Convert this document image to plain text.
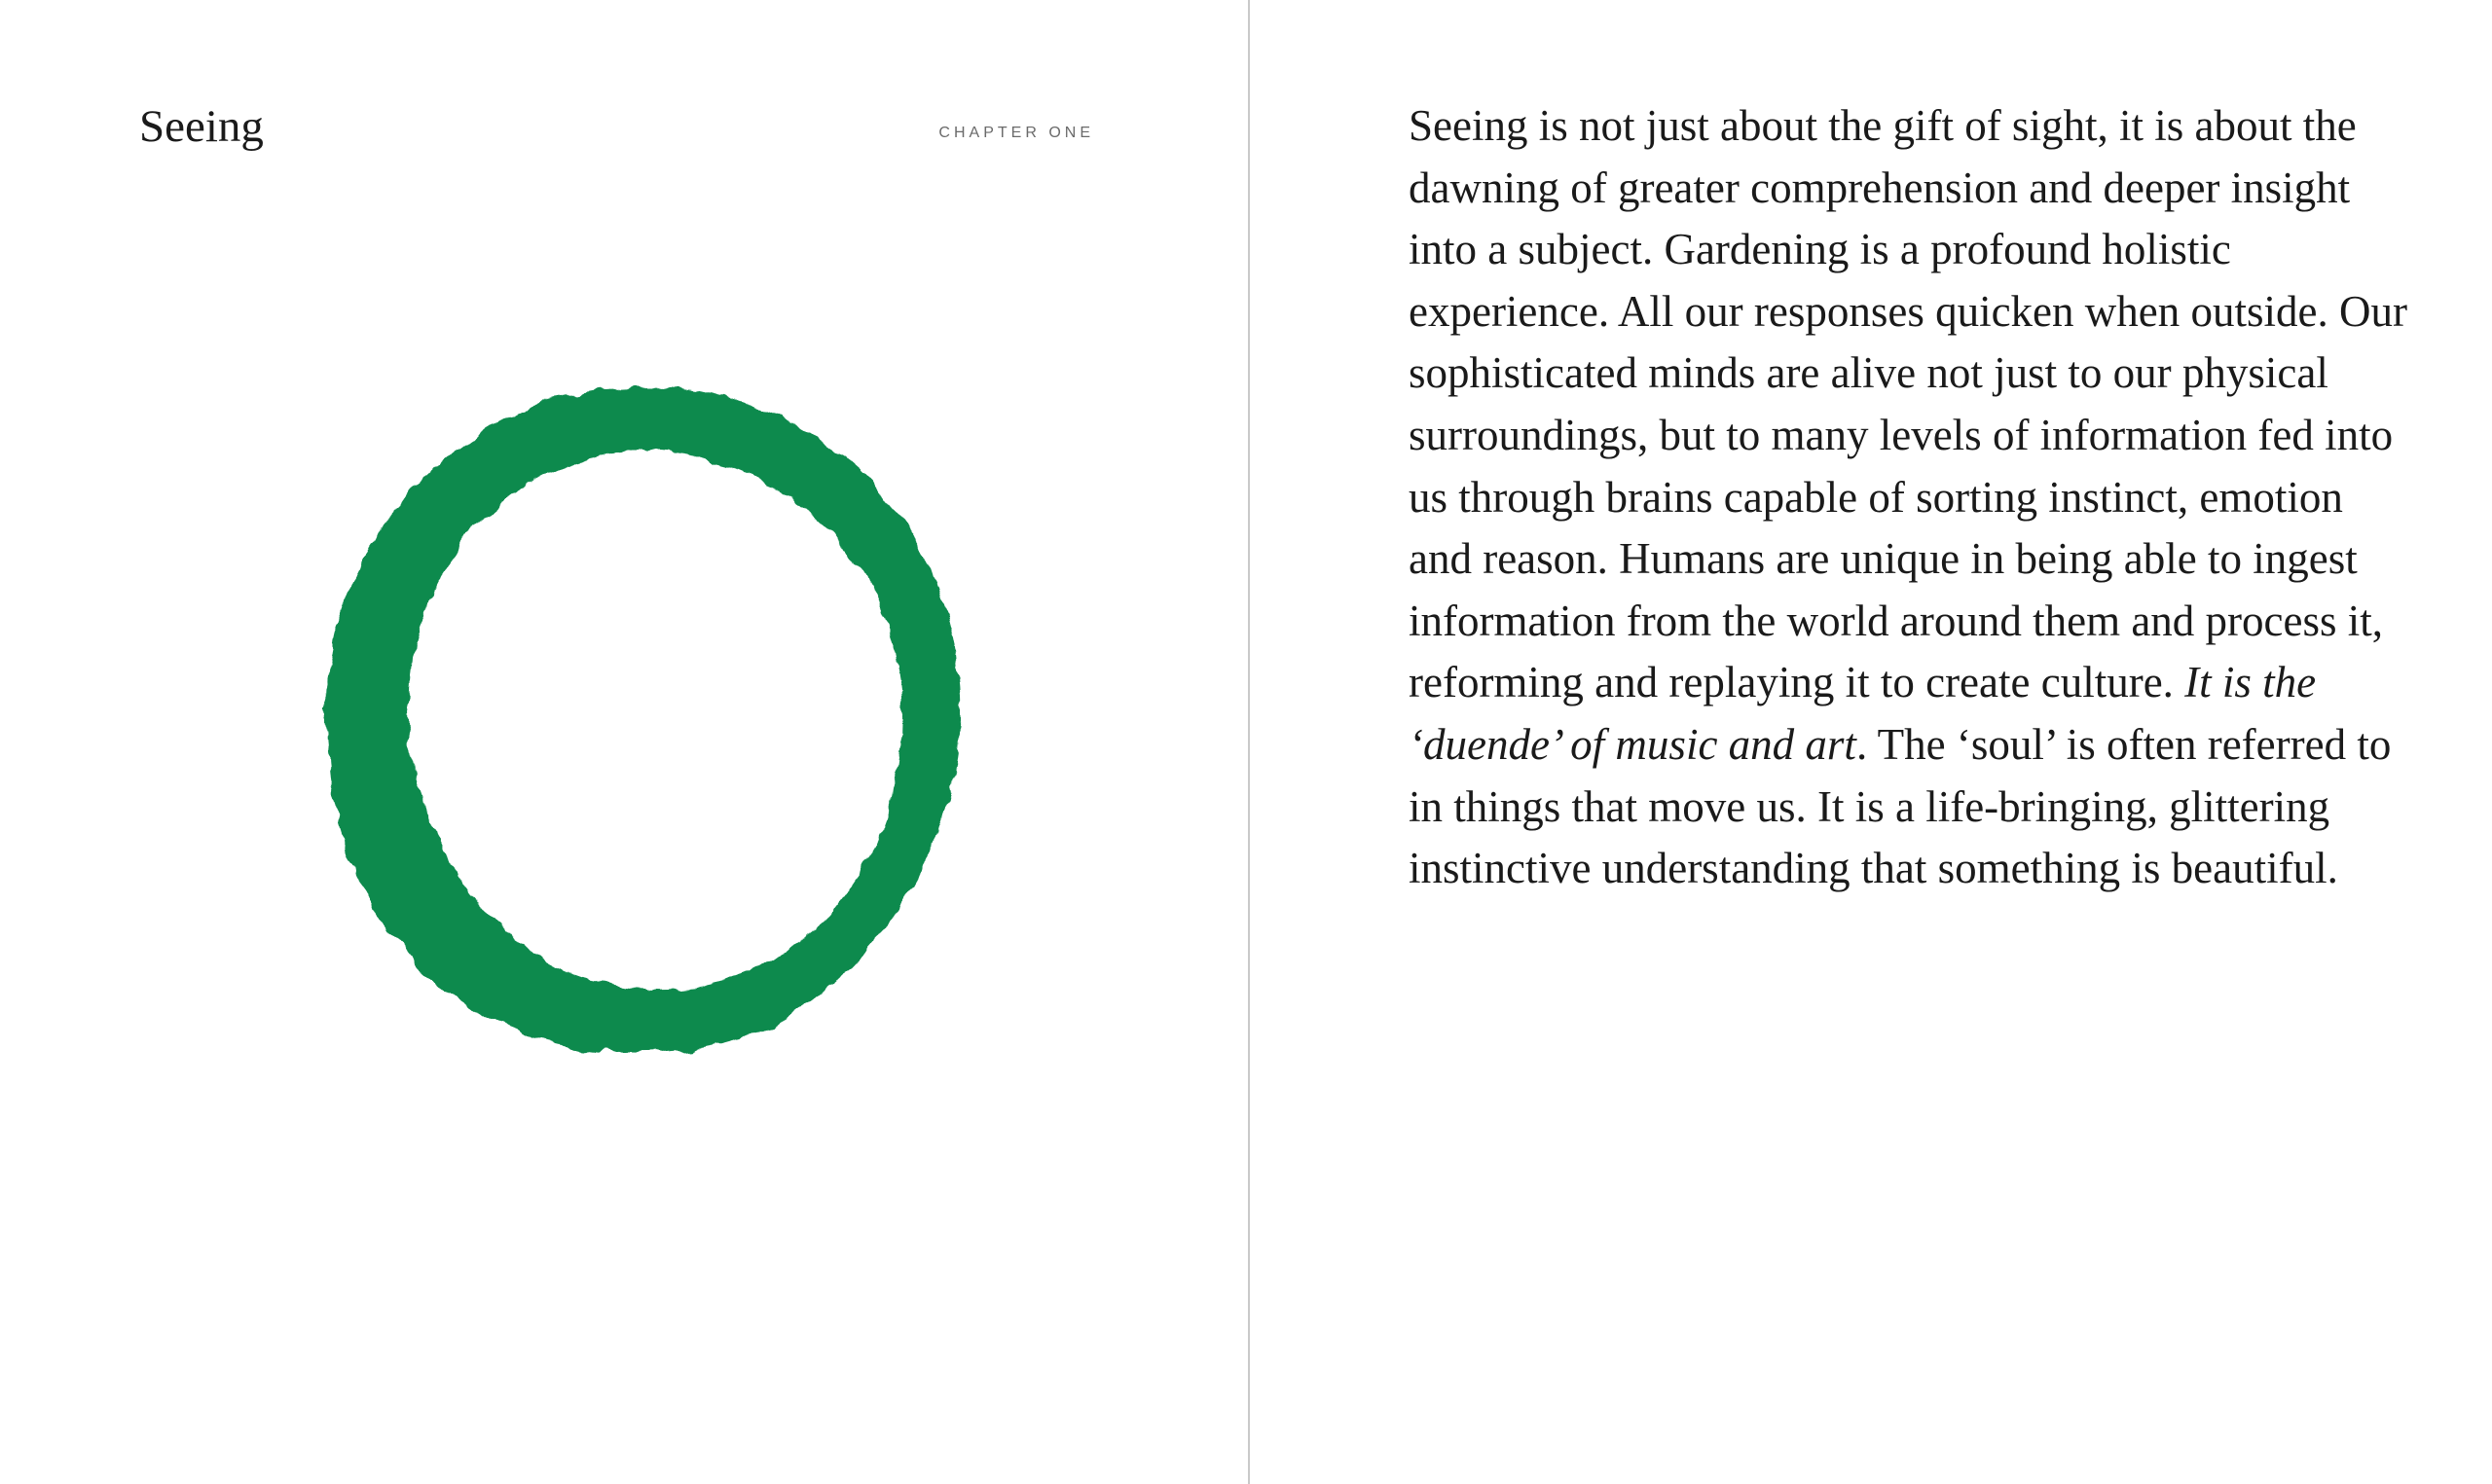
Seeing	CHAPTER ONE	Seeing is not just about the gift of sight, it is about the dawning of greater comprehension and deeper insight into a subject. Gardening is a profound holistic experience. All our responses quicken when outside. Our sophisticated minds are alive not just to our physical surroundings, but to many levels of information fed into us through brains capable of sorting instinct, emotion and reason. Humans are unique in being able to ingest information from the world around them and process it, reforming and replaying it to create culture. It is the ‘duende’ of music and art. The ‘soul’ is often referred to in things that move us. It is a life-bringing, glittering instinctive understanding that something is beautiful.
